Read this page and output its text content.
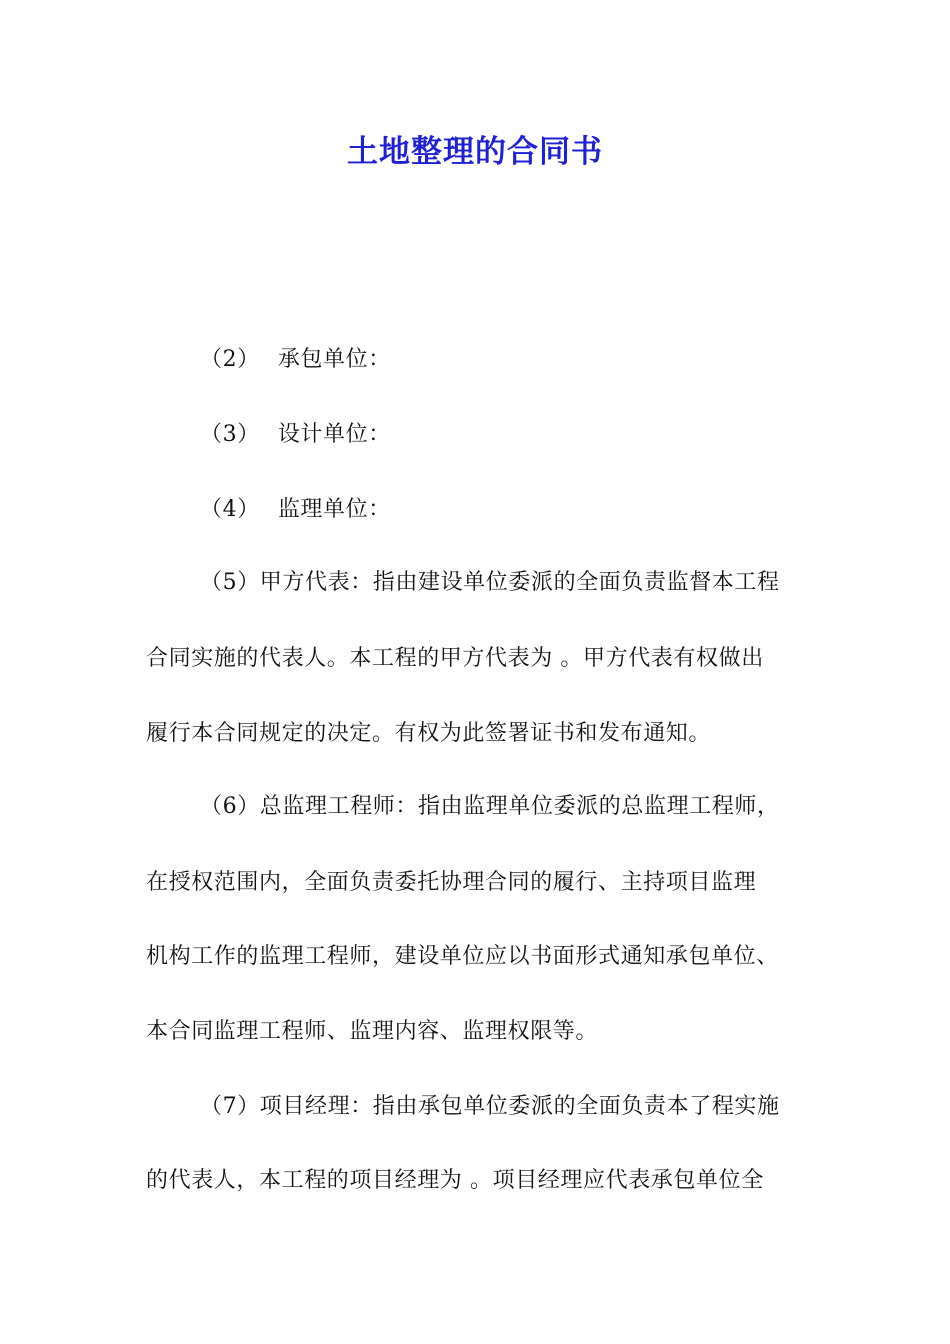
土地整理的合同书
（2） 承包单位：
（3） 设计单位：
（4） 监理单位：
（5）甲方代表：指由建设单位委派的全面负责监督本工程
合同实施的代表人。本工程的甲方代表为 。甲方代表有权做出
履行本合同规定的决定。有权为此签署证书和发布通知。
（6）总监理工程师：指由监理单位委派的总监理工程师，
在授权范围内，全面负责委托协理合同的履行、主持项目监理
机构工作的监理工程师，建设单位应以书面形式通知承包单位、
本合同监理工程师、监理内容、监理权限等。
（7）项目经理：指由承包单位委派的全面负责本了程实施
的代表人，本工程的项目经理为 。项目经理应代表承包单位全
